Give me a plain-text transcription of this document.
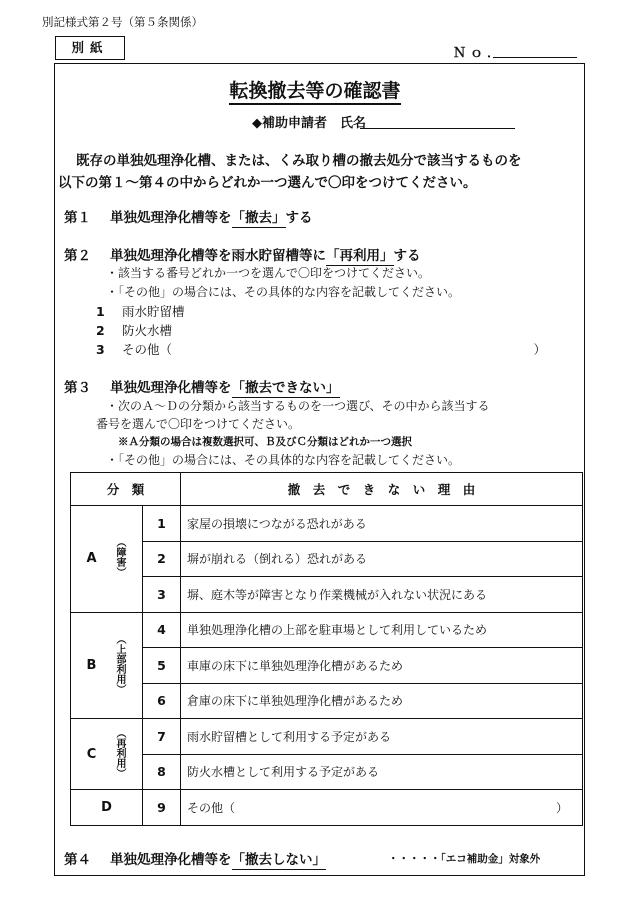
別記様式第２号（第５条関係）
別紙	Ｎｏ．
転換撤去等の確認書
◆補助申請者　氏名
既存の単独処理浄化槽、または、くみ取り槽の撤去処分で該当するものを
以下の第１～第４の中からどれか一つ選んで〇印をつけてください。
第１ 単独処理浄化槽等を「撤去」する
第２ 単独処理浄化槽等を雨水貯留槽等に「再利用」する
・該当する番号どれか一つを選んで〇印をつけてください。
・「その他」の場合には、その具体的な内容を記載してください。
1 雨水貯留槽
2 防火水槽
3 その他（	）
第３ 単独処理浄化槽等を「撤去できない」
・次のＡ～Ｄの分類から該当するものを一つ選び、その中から該当する
番号を選んで〇印をつけてください。
※Ａ分類の場合は複数選択可、Ｂ及びＣ分類はどれか一つ選択
・「その他」の場合には、その具体的な内容を記載してください。
分　類			撤　去　で　き　な　い　理　由
A	（障害）	1	家屋の損壊につながる恐れがある
		2	塀が崩れる（倒れる）恐れがある
		3	塀、庭木等が障害となり作業機械が入れない状況にある
B	（上部利用）	4	単独処理浄化槽の上部を駐車場として利用しているため
		5	車庫の床下に単独処理浄化槽があるため
		6	倉庫の床下に単独処理浄化槽があるため
C	（再利用）	7	雨水貯留槽として利用する予定がある
		8	防火水槽として利用する予定がある
D		9	その他（ ）
第４ 単独処理浄化槽等を「撤去しない」	・・・・・「エコ補助金」対象外
